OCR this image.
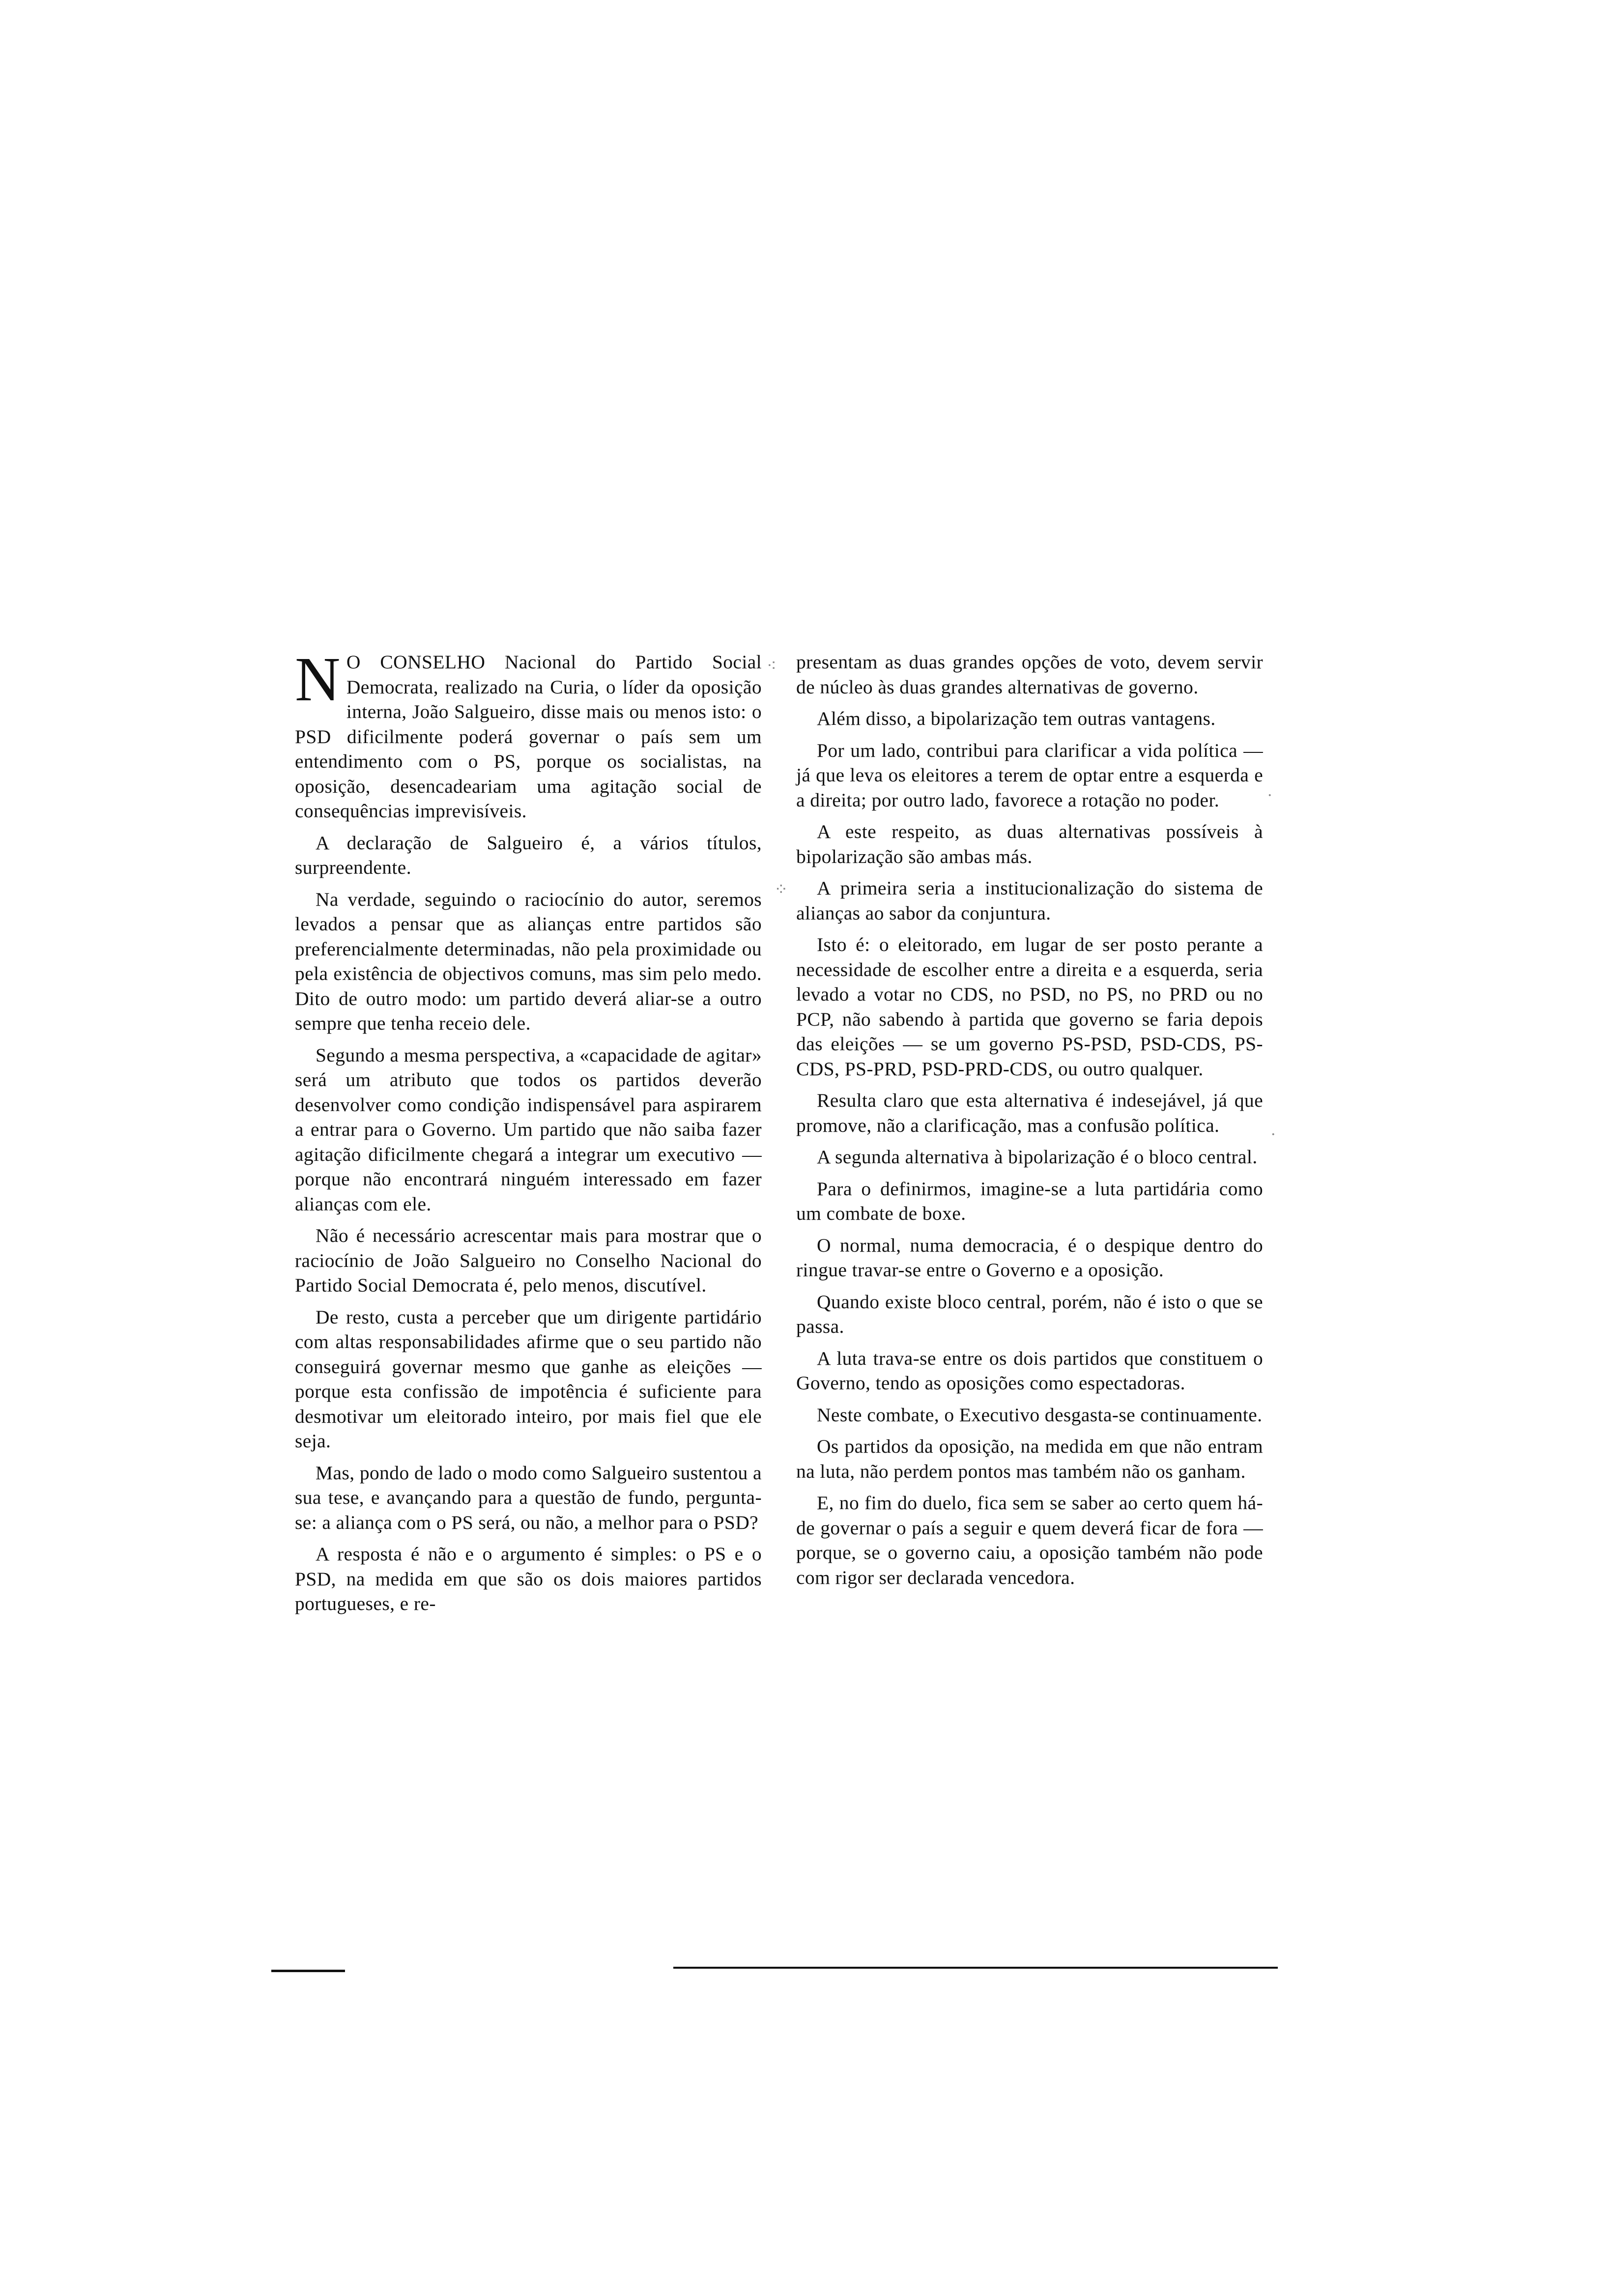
N O CONSELHO Nacional do Partido Social Democrata, realizado na Curia, o líder da oposição interna, João Salgueiro, disse mais ou menos isto: o PSD dificilmente poderá governar o país sem um entendimento com o PS, porque os socialistas, na oposição, desencadeariam uma agitação social de consequências imprevisíveis.

A declaração de Salgueiro é, a vários títulos, surpreendente.

Na verdade, seguindo o raciocínio do autor, seremos levados a pensar que as alianças entre partidos são preferencialmente determinadas, não pela proximidade ou pela existência de objectivos comuns, mas sim pelo medo. Dito de outro modo: um partido deverá aliar-se a outro sempre que tenha receio dele.

Segundo a mesma perspectiva, a «capacidade de agitar» será um atributo que todos os partidos deverão desenvolver como condição indispensável para aspirarem a entrar para o Governo. Um partido que não saiba fazer agitação dificilmente chegará a integrar um executivo — porque não encontrará ninguém interessado em fazer alianças com ele.

Não é necessário acrescentar mais para mostrar que o raciocínio de João Salgueiro no Conselho Nacional do Partido Social Democrata é, pelo menos, discutível.

De resto, custa a perceber que um dirigente partidário com altas responsabilidades afirme que o seu partido não conseguirá governar mesmo que ganhe as eleições — porque esta confissão de impotência é suficiente para desmotivar um eleitorado inteiro, por mais fiel que ele seja.

Mas, pondo de lado o modo como Salgueiro sustentou a sua tese, e avançando para a questão de fundo, pergunta-se: a aliança com o PS será, ou não, a melhor para o PSD?

A resposta é não e o argumento é simples: o PS e o PSD, na medida em que são os dois maiores partidos portugueses, e re-

presentam as duas grandes opções de voto, devem servir de núcleo às duas grandes alternativas de governo.

Além disso, a bipolarização tem outras vantagens.

Por um lado, contribui para clarificar a vida política — já que leva os eleitores a terem de optar entre a esquerda e a direita; por outro lado, favorece a rotação no poder.

A este respeito, as duas alternativas possíveis à bipolarização são ambas más.

A primeira seria a institucionalização do sistema de alianças ao sabor da conjuntura.

Isto é: o eleitorado, em lugar de ser posto perante a necessidade de escolher entre a direita e a esquerda, seria levado a votar no CDS, no PSD, no PS, no PRD ou no PCP, não sabendo à partida que governo se faria depois das eleições — se um governo PS-PSD, PSD-CDS, PS-CDS, PS-PRD, PSD-PRD-CDS, ou outro qualquer.

Resulta claro que esta alternativa é indesejável, já que promove, não a clarificação, mas a confusão política.

A segunda alternativa à bipolarização é o bloco central.

Para o definirmos, imagine-se a luta partidária como um combate de boxe.

O normal, numa democracia, é o despique dentro do ringue travar-se entre o Governo e a oposição.

Quando existe bloco central, porém, não é isto o que se passa.

A luta trava-se entre os dois partidos que constituem o Governo, tendo as oposições como espectadoras.

Neste combate, o Executivo desgasta-se continuamente.

Os partidos da oposição, na medida em que não entram na luta, não perdem pontos mas também não os ganham.

E, no fim do duelo, fica sem se saber ao certo quem há-de governar o país a seguir e quem deverá ficar de fora — porque, se o governo caiu, a oposição também não pode com rigor ser declarada vencedora.

⁖
⁘
·
·
